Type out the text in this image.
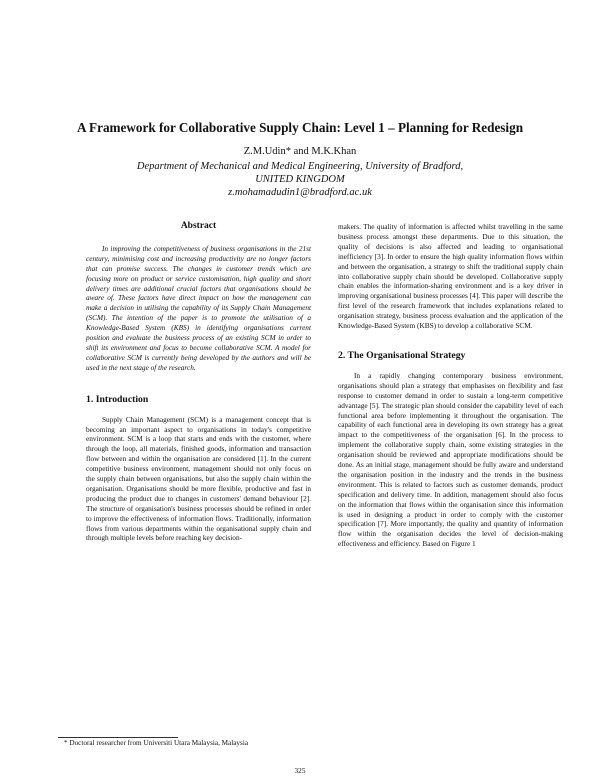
A Framework for Collaborative Supply Chain: Level 1 – Planning for Redesign
Z.M.Udin* and M.K.Khan
Department of Mechanical and Medical Engineering, University of Bradford,
UNITED KINGDOM
z.mohamadudin1@bradford.ac.uk

Abstract

In improving the competitiveness of business organisations in the 21st century, minimising cost and increasing productivity are no longer factors that can promise success. The changes in customer trends which are focusing more on product or service customisation, high quality and short delivery times are additional crucial factors that organisations should be aware of. These factors have direct impact on how the management can make a decision in utilising the capability of its Supply Chain Management (SCM). The intention of the paper is to promote the utilisation of a Knowledge-Based System (KBS) in identifying organisations current position and evaluate the business process of an existing SCM in order to shift its environment and focus to become collaborative SCM. A model for collaborative SCM is currently being developed by the authors and will be used in the next stage of the research.

1. Introduction

Supply Chain Management (SCM) is a management concept that is becoming an important aspect to organisations in today's competitive environment. SCM is a loop that starts and ends with the customer, where through the loop, all materials, finished goods, information and transaction flow between and within the organisation are considered [1]. In the current competitive business environment, management should not only focus on the supply chain between organisations, but also the supply chain within the organisation. Organisations should be more flexible, productive and fast in producing the product due to changes in customers' demand behaviour [2]. The structure of organisation's business processes should be refined in order to improve the effectiveness of information flows. Traditionally, information flows from various departments within the organisational supply chain and through multiple levels before reaching key decision-

makers. The quality of information is affected whilst travelling in the same business process amongst these departments. Due to this situation, the quality of decisions is also affected and leading to organisational inefficiency [3]. In order to ensure the high quality information flows within and between the organisation, a strategy to shift the traditional supply chain into collaborative supply chain should be developed. Collaborative supply chain enables the information-sharing environment and is a key driver in improving organisational business processes [4]. This paper will describe the first level of the research framework that includes explanations related to organisation strategy, business process evaluation and the application of the Knowledge-Based System (KBS) to develop a collaborative SCM.

2. The Organisational Strategy

In a rapidly changing contemporary business environment, organisations should plan a strategy that emphasises on flexibility and fast response to customer demand in order to sustain a long-term competitive advantage [5]. The strategic plan should consider the capability level of each functional area before implementing it throughout the organisation. The capability of each functional area in developing its own strategy has a great impact to the competitiveness of the organisation [6]. In the process to implement the collaborative supply chain, some existing strategies in the organisation should be reviewed and appropriate modifications should be done. As an initial stage, management should be fully aware and understand the organisation position in the industry and the trends in the business environment. This is related to factors such as customer demands, product specification and delivery time. In addition, management should also focus on the information that flows within the organisation since this information is used in designing a product in order to comply with the customer specification [7]. More importantly, the quality and quantity of information flow within the organisation decides the level of decision-making effectiveness and efficiency. Based on Figure 1

* Doctoral researcher from Universiti Utara Malaysia, Malaysia
325
